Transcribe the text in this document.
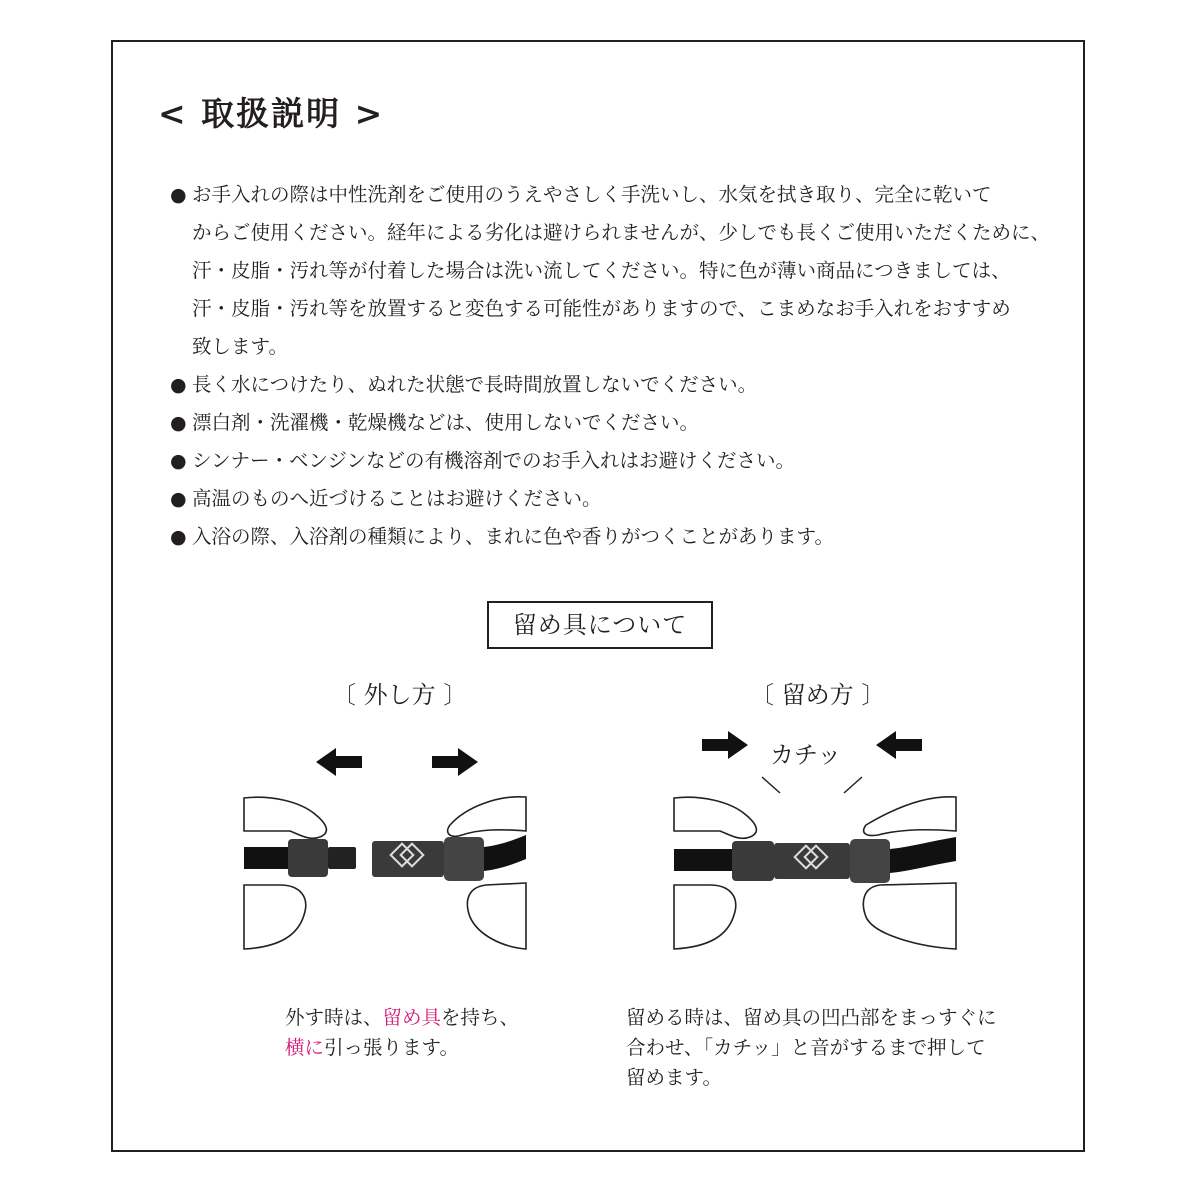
< 取扱説明 >
● お手入れの際は中性洗剤をご使用のうえやさしく手洗いし、水気を拭き取り、完全に乾いて

からご使用ください。経年による劣化は避けられませんが、少しでも長くご使用いただくために、

汗・皮脂・汚れ等が付着した場合は洗い流してください。特に色が薄い商品につきましては、

汗・皮脂・汚れ等を放置すると変色する可能性がありますので、こまめなお手入れをおすすめ

致します。

● 長く水につけたり、ぬれた状態で長時間放置しないでください。

● 漂白剤・洗濯機・乾燥機などは、使用しないでください。

● シンナー・ベンジンなどの有機溶剤でのお手入れはお避けください。

● 高温のものへ近づけることはお避けください。

● 入浴の際、入浴剤の種類により、まれに色や香りがつくことがあります。

留め具について
〔 外し方 〕	〔 留め方 〕
カチッ

外す時は、留め具を持ち、

横に引っ張ります。

留める時は、留め具の凹凸部をまっすぐに

合わせ、「カチッ」と音がするまで押して

留めます。
